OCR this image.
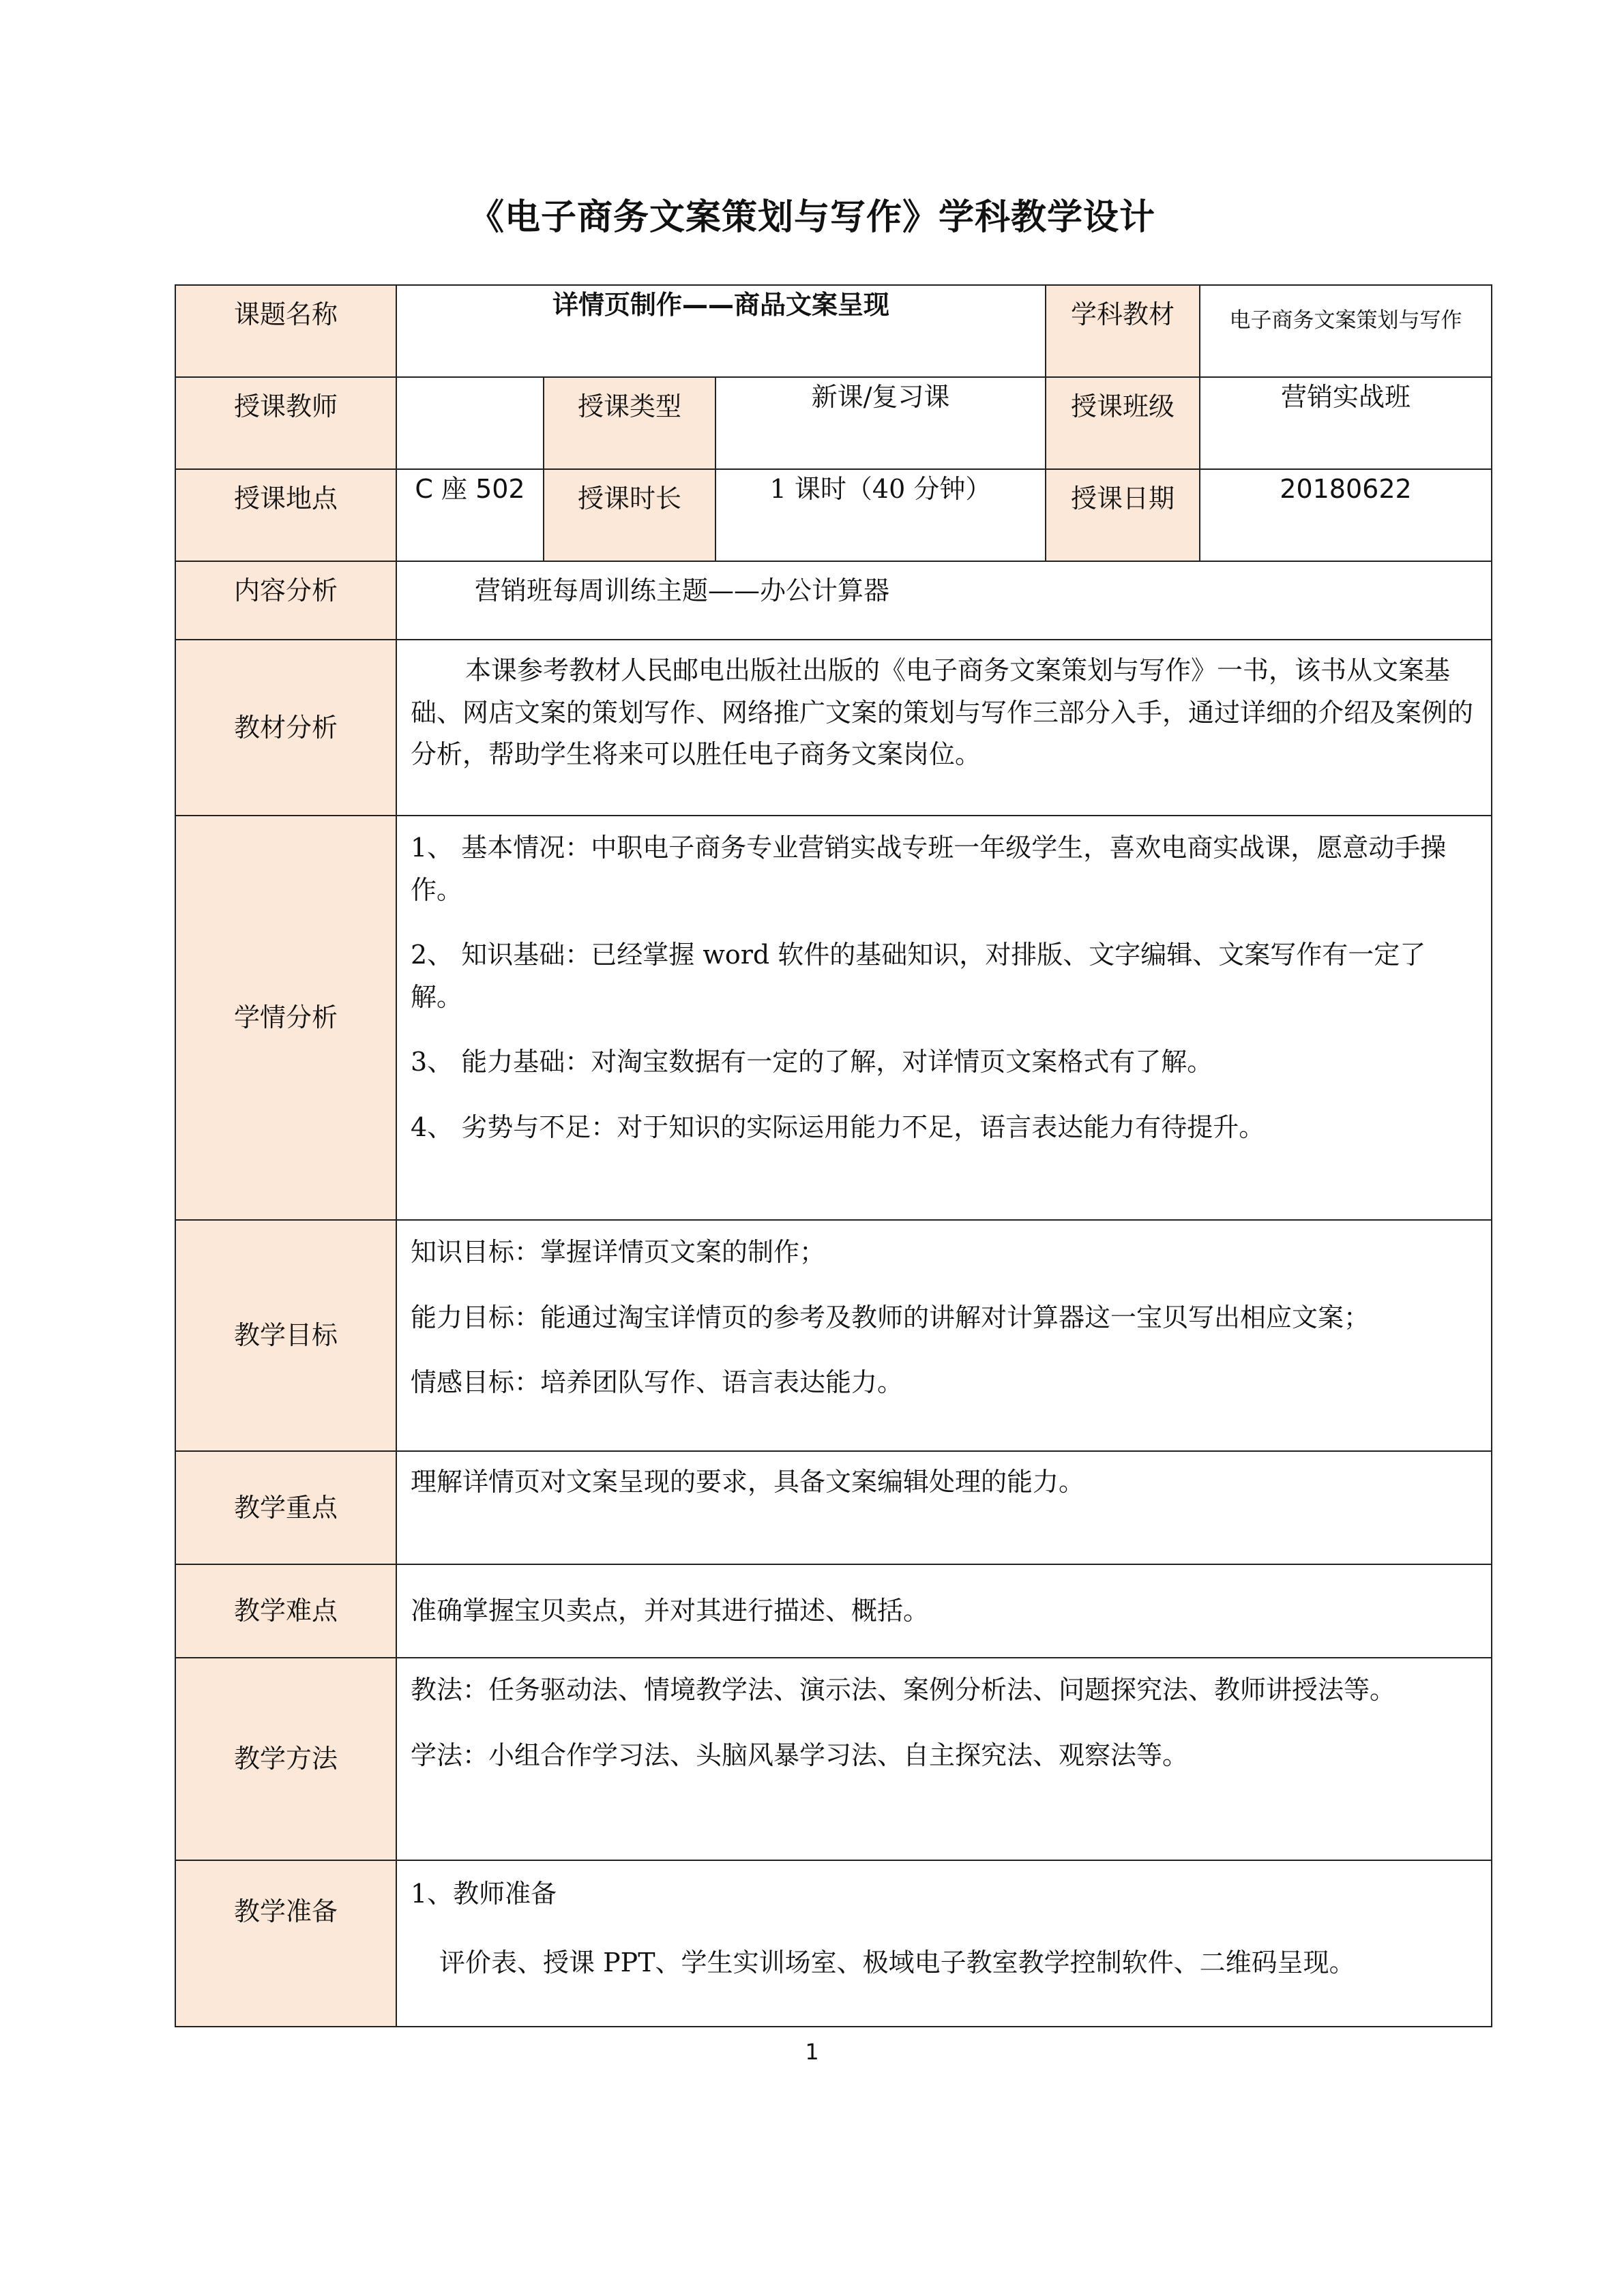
《电子商务文案策划与写作》学科教学设计
课题名称	详情页制作——商品文案呈现			学科教材	电子商务文案策划与写作
授课教师		授课类型	新课/复习课	授课班级	营销实战班
授课地点	C 座 502	授课时长	1 课时（40 分钟）	授课日期	20180622
内容分析	营销班每周训练主题——办公计算器				

教材分析	本课参考教材人民邮电出版社出版的《电子商务文案策划与写作》一书，该书从文案基础、网店文案的策划写作、网络推广文案的策划与写作三部分入手，通过详细的介绍及案例的分析，帮助学生将来可以胜任电子商务文案岗位。				

学情分析	1、 基本情况：中职电子商务专业营销实战专班一年级学生，喜欢电商实战课，愿意动手操作。

2、 知识基础：已经掌握 word 软件的基础知识，对排版、文字编辑、文案写作有一定了解。

3、 能力基础：对淘宝数据有一定的了解，对详情页文案格式有了解。

4、 劣势与不足：对于知识的实际运用能力不足，语言表达能力有待提升。				

教学目标	知识目标：掌握详情页文案的制作；

能力目标：能通过淘宝详情页的参考及教师的讲解对计算器这一宝贝写出相应文案；

情感目标：培养团队写作、语言表达能力。				

教学重点	理解详情页对文案呈现的要求，具备文案编辑处理的能力。				

教学难点	准确掌握宝贝卖点，并对其进行描述、概括。				

教学方法	教法：任务驱动法、情境教学法、演示法、案例分析法、问题探究法、教师讲授法等。

学法：小组合作学习法、头脑风暴学习法、自主探究法、观察法等。				

教学准备	1、教师准备

评价表、授课 PPT、学生实训场室、极域电子教室教学控制软件、二维码呈现。				

1
